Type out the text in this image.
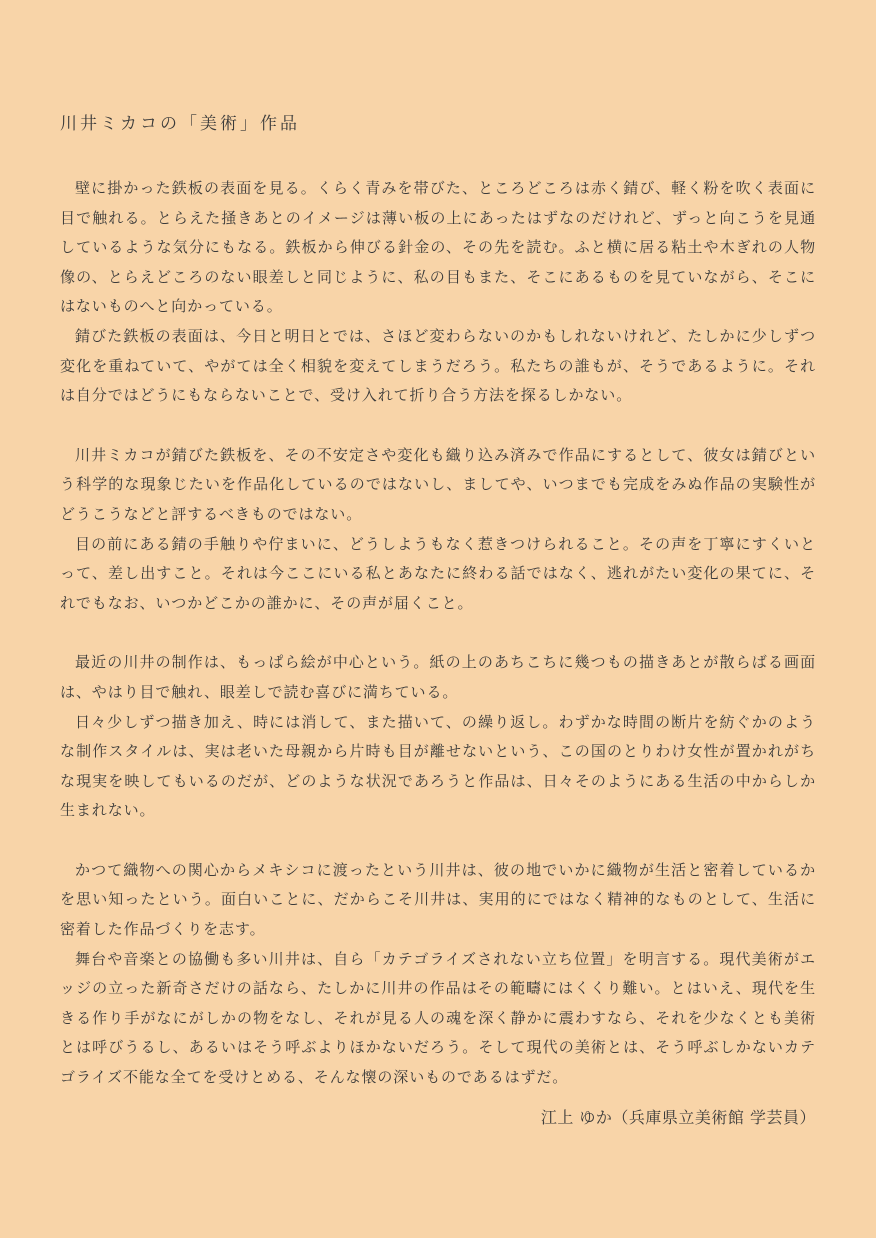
川井ミカコの「美術」作品

壁に掛かった鉄板の表面を見る。くらく青みを帯びた、ところどころは赤く錆び、軽く粉を吹く表面に目で触れる。とらえた掻きあとのイメージは薄い板の上にあったはずなのだけれど、ずっと向こうを見通しているような気分にもなる。鉄板から伸びる針金の、その先を読む。ふと横に居る粘土や木ぎれの人物像の、とらえどころのない眼差しと同じように、私の目もまた、そこにあるものを見ていながら、そこにはないものへと向かっている。

錆びた鉄板の表面は、今日と明日とでは、さほど変わらないのかもしれないけれど、たしかに少しずつ変化を重ねていて、やがては全く相貌を変えてしまうだろう。私たちの誰もが、そうであるように。それは自分ではどうにもならないことで、受け入れて折り合う方法を探るしかない。

川井ミカコが錆びた鉄板を、その不安定さや変化も織り込み済みで作品にするとして、彼女は錆びという科学的な現象じたいを作品化しているのではないし、ましてや、いつまでも完成をみぬ作品の実験性がどうこうなどと評するべきものではない。

目の前にある錆の手触りや佇まいに、どうしようもなく惹きつけられること。その声を丁寧にすくいとって、差し出すこと。それは今ここにいる私とあなたに終わる話ではなく、逃れがたい変化の果てに、それでもなお、いつかどこかの誰かに、その声が届くこと。

最近の川井の制作は、もっぱら絵が中心という。紙の上のあちこちに幾つもの描きあとが散らばる画面は、やはり目で触れ、眼差しで読む喜びに満ちている。

日々少しずつ描き加え、時には消して、また描いて、の繰り返し。わずかな時間の断片を紡ぐかのような制作スタイルは、実は老いた母親から片時も目が離せないという、この国のとりわけ女性が置かれがちな現実を映してもいるのだが、どのような状況であろうと作品は、日々そのようにある生活の中からしか生まれない。

かつて織物への関心からメキシコに渡ったという川井は、彼の地でいかに織物が生活と密着しているかを思い知ったという。面白いことに、だからこそ川井は、実用的にではなく精神的なものとして、生活に密着した作品づくりを志す。

舞台や音楽との協働も多い川井は、自ら「カテゴライズされない立ち位置」を明言する。現代美術がエッジの立った新奇さだけの話なら、たしかに川井の作品はその範疇にはくくり難い。とはいえ、現代を生きる作り手がなにがしかの物をなし、それが見る人の魂を深く静かに震わすなら、それを少なくとも美術とは呼びうるし、あるいはそう呼ぶよりほかないだろう。そして現代の美術とは、そう呼ぶしかないカテゴライズ不能な全てを受けとめる、そんな懐の深いものであるはずだ。

江上 ゆか（兵庫県立美術館 学芸員）
